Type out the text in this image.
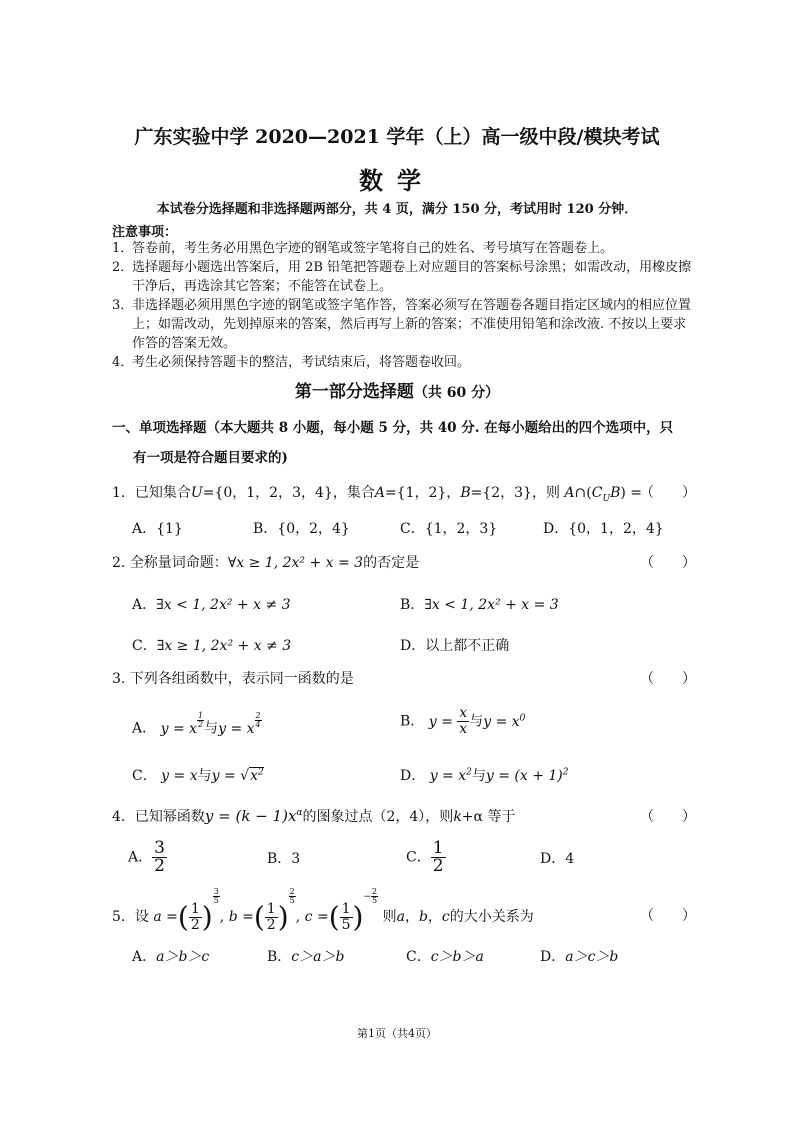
广东实验中学 2020—2021 学年（上）高一级中段/模块考试
数学
本试卷分选择题和非选择题两部分，共 4 页，满分 150 分，考试用时 120 分钟．
注意事项：
1．
答卷前，考生务必用黑色字迹的钢笔或签字笔将自己的姓名、考号填写在答题卷上。
2．
选择题每小题选出答案后，用 2B 铅笔把答题卷上对应题目的答案标号涂黑；如需改动，用橡皮擦干净后，再选涂其它答案；不能答在试卷上。
3．
非选择题必须用黑色字迹的钢笔或签字笔作答，答案必须写在答题卷各题目指定区域内的相应位置上；如需改动，先划掉原来的答案，然后再写上新的答案；不准使用铅笔和涂改液. 不按以上要求作答的答案无效。
4．
考生必须保持答题卡的整洁，考试结束后，将答题卷收回。
第一部分选择题（共 60 分）
一、单项选择题（本大题共 8 小题，每小题 5 分，共 40 分. 在每小题给出的四个选项中，只
有一项是符合题目要求的)
1．已知集合U={0，1，2，3，4}，集合A={1，2}，B={2，3}，则 $A\cap(C_UB)$ =
（　　）
A．{1}	B．{0，2，4}	C．{1，2，3}	D．{0，1，2，4}
2. 全称量词命题：∀x ≥ 1, 2x² + x = 3的否定是	（　　）
A．∃x < 1, 2x² + x ≠ 3	B．∃x < 1, 2x² + x = 3
C．∃x ≥ 1, 2x² + x ≠ 3	D．以上都不正确
3. 下列各组函数中，表示同一函数的是	（　　）
A． y = x $\frac{1}{2}$ 与y = x $\frac{2}{4}$	B． $y = \frac{x}{x}$ 与$y = x^0$
C． y = x与$y = √x^2$	D． $y = x^2$与$y = (x + 1)^2$
4．已知幂函数$y = (k - 1)x^\alpha$的图象过点（2，4），则k+α 等于	（　　）
A． $\frac{3}{2}$	B．3	C． $\frac{1}{2}$	D．4
5．设 a =( $\frac{1}{2}$ )
$\frac{3}{5}$
, b =( $\frac{1}{2}$ )
$\frac{2}{5}$
, c =( $\frac{1}{5} )^- \frac{2}{5}$
则a，b，c的大小关系为	（　　）
A．a＞b＞c	B．c＞a＞b	C．c＞b＞a	D．a＞c＞b
第1页（共4页）
